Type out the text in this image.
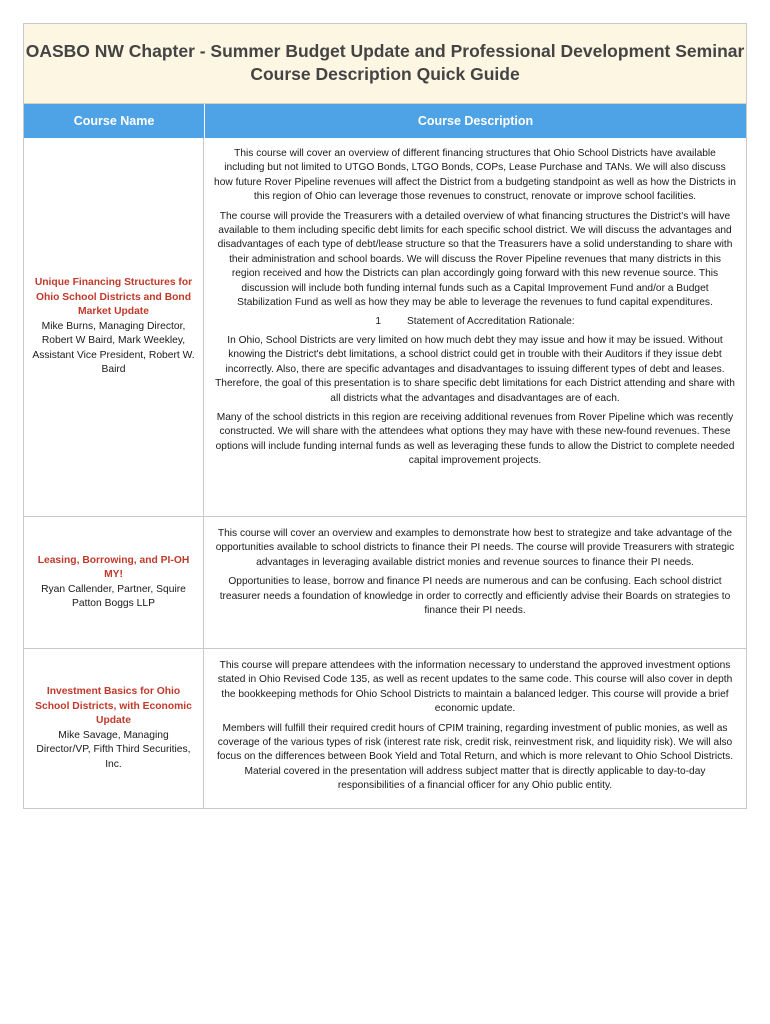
OASBO NW Chapter - Summer Budget Update and Professional Development Seminar
Course Description Quick Guide
Course Name	Course Description
Unique Financing Structures for Ohio School Districts and Bond Market Update
Mike Burns, Managing Director, Robert W Baird, Mark Weekley, Assistant Vice President, Robert W. Baird

This course will cover an overview of different financing structures that Ohio School Districts have available including but not limited to UTGO Bonds, LTGO Bonds, COPs, Lease Purchase and TANs. We will also discuss how future Rover Pipeline revenues will affect the District from a budgeting standpoint as well as how the Districts in this region of Ohio can leverage those revenues to construct, renovate or improve school facilities.

The course will provide the Treasurers with a detailed overview of what financing structures the District's will have available to them including specific debt limits for each specific school district. We will discuss the advantages and disadvantages of each type of debt/lease structure so that the Treasurers have a solid understanding to share with their administration and school boards. We will discuss the Rover Pipeline revenues that many districts in this region received and how the Districts can plan accordingly going forward with this new revenue source. This discussion will include both funding internal funds such as a Capital Improvement Fund and/or a Budget Stabilization Fund as well as how they may be able to leverage the revenues to fund capital expenditures.

1	Statement of Accreditation Rationale:

In Ohio, School Districts are very limited on how much debt they may issue and how it may be issued. Without knowing the District's debt limitations, a school district could get in trouble with their Auditors if they issue debt incorrectly. Also, there are specific advantages and disadvantages to issuing different types of debt and leases. Therefore, the goal of this presentation is to share specific debt limitations for each District attending and share with all districts what the advantages and disadvantages are of each.

Many of the school districts in this region are receiving additional revenues from Rover Pipeline which was recently constructed. We will share with the attendees what options they may have with these new-found revenues. These options will include funding internal funds as well as leveraging these funds to allow the District to complete needed capital improvement projects.

Leasing, Borrowing, and PI-OH MY!
Ryan Callender, Partner, Squire Patton Boggs LLP

This course will cover an overview and examples to demonstrate how best to strategize and take advantage of the opportunities available to school districts to finance their PI needs. The course will provide Treasurers with strategic advantages in leveraging available district monies and revenue sources to finance their PI needs.

Opportunities to lease, borrow and finance PI needs are numerous and can be confusing. Each school district treasurer needs a foundation of knowledge in order to correctly and efficiently advise their Boards on strategies to finance their PI needs.

Investment Basics for Ohio School Districts, with Economic Update
Mike Savage, Managing Director/VP, Fifth Third Securities, Inc.

This course will prepare attendees with the information necessary to understand the approved investment options stated in Ohio Revised Code 135, as well as recent updates to the same code. This course will also cover in depth the bookkeeping methods for Ohio School Districts to maintain a balanced ledger. This course will provide a brief economic update.

Members will fulfill their required credit hours of CPIM training, regarding investment of public monies, as well as coverage of the various types of risk (interest rate risk, credit risk, reinvestment risk, and liquidity risk). We will also focus on the differences between Book Yield and Total Return, and which is more relevant to Ohio School Districts. Material covered in the presentation will address subject matter that is directly applicable to day-to-day responsibilities of a financial officer for any Ohio public entity.
